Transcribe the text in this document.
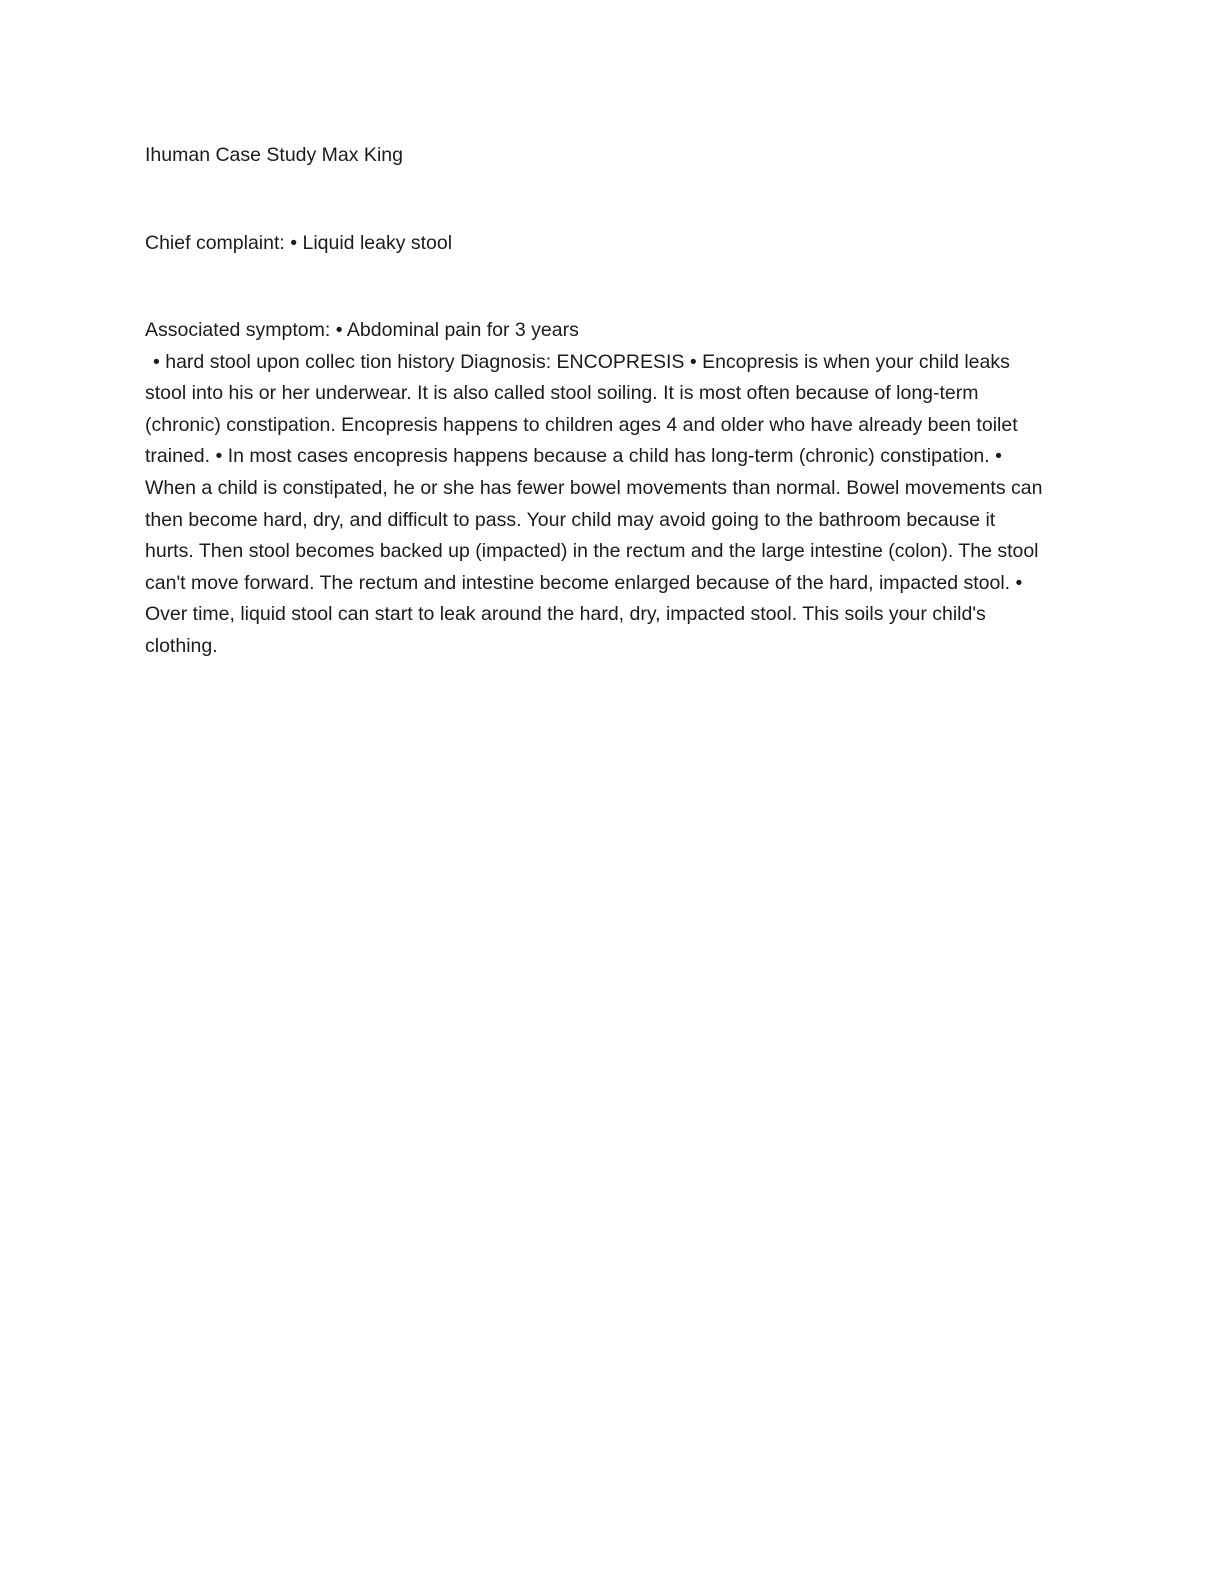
Ihuman Case Study Max King

Chief complaint: • Liquid leaky stool

Associated symptom: • Abdominal pain for 3 years

• hard stool upon collec tion history Diagnosis: ENCOPRESIS • Encopresis is when your child leaks stool into his or her underwear. It is also called stool soiling. It is most often because of long-term (chronic) constipation. Encopresis happens to children ages 4 and older who have already been toilet trained. • In most cases encopresis happens because a child has long-term (chronic) constipation. • When a child is constipated, he or she has fewer bowel movements than normal. Bowel movements can then become hard, dry, and difficult to pass. Your child may avoid going to the bathroom because it hurts. Then stool becomes backed up (impacted) in the rectum and the large intestine (colon). The stool can't move forward. The rectum and intestine become enlarged because of the hard, impacted stool. • Over time, liquid stool can start to leak around the hard, dry, impacted stool. This soils your child's clothing.
